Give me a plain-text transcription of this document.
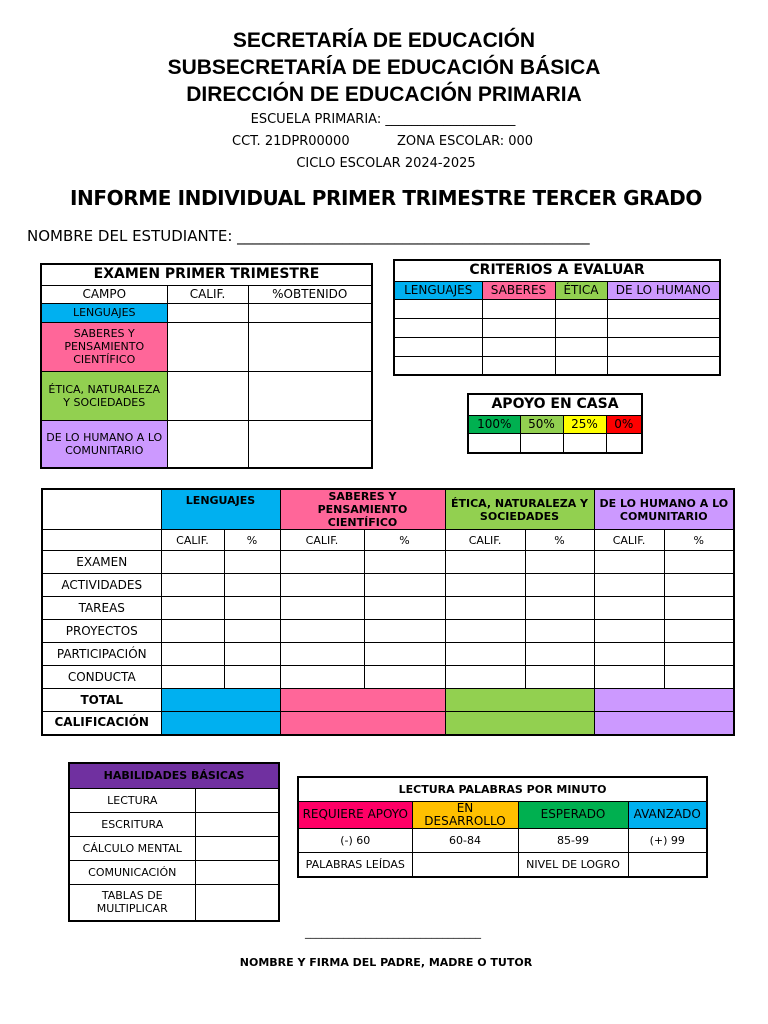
SECRETARÍA DE EDUCACIÓN
SUBSECRETARÍA DE EDUCACIÓN BÁSICA
DIRECCIÓN DE EDUCACIÓN PRIMARIA
ESCUELA PRIMARIA: ____________________
CCT. 21DPR00000	ZONA ESCOLAR: 000
CICLO ESCOLAR 2024-2025
INFORME INDIVIDUAL PRIMER TRIMESTRE TERCER GRADO
NOMBRE DEL ESTUDIANTE: _______________________________________________
EXAMEN PRIMER TRIMESTRE		
CAMPO	CALIF.	%OBTENIDO
LENGUAJES		
SABERES Y PENSAMIENTO CIENTÍFICO		
ÉTICA, NATURALEZA Y SOCIEDADES		
DE LO HUMANO A LO COMUNITARIO		
CRITERIOS A EVALUAR			
LENGUAJES	SABERES	ÉTICA	DE LO HUMANO

APOYO EN CASA			
100%	50%	25%	0%

	LENGUAJES		SABERES Y PENSAMIENTO CIENTÍFICO		ÉTICA, NATURALEZA Y SOCIEDADES		DE LO HUMANO A LO COMUNITARIO	
	CALIF.	%	CALIF.	%	CALIF.	%	CALIF.	%
EXAMEN								
ACTIVIDADES								
TAREAS								
PROYECTOS								
PARTICIPACIÓN								
CONDUCTA								
TOTAL								
CALIFICACIÓN								
HABILIDADES BÁSICAS	
LECTURA	
ESCRITURA	
CÁLCULO MENTAL	
COMUNICACIÓN	
TABLAS DE MULTIPLICAR	
LECTURA PALABRAS POR MINUTO			
REQUIERE APOYO	EN DESARROLLO	ESPERADO	AVANZADO
(-) 60	60-84	85-99	(+) 99
PALABRAS LEÍDAS		NIVEL DE LOGRO	
________________________________
NOMBRE Y FIRMA DEL PADRE, MADRE O TUTOR
